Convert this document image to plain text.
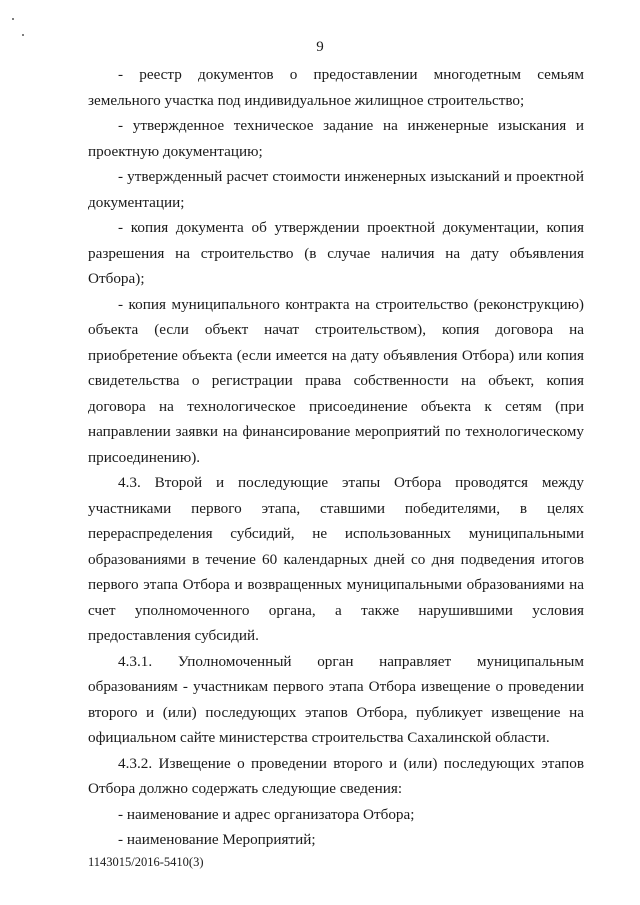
9

- реестр документов о предоставлении многодетным семьям земельного участка под индивидуальное жилищное строительство;

- утвержденное техническое задание на инженерные изыскания и проектную документацию;

- утвержденный расчет стоимости инженерных изысканий и проектной документации;

- копия документа об утверждении проектной документации, копия разрешения на строительство (в случае наличия на дату объявления Отбора);

- копия муниципального контракта на строительство (реконструкцию) объекта (если объект начат строительством), копия договора на приобретение объекта (если имеется на дату объявления Отбора) или копия свидетельства о регистрации права собственности на объект, копия договора на технологическое присоединение объекта к сетям (при направлении заявки на финансирование мероприятий по технологическому присоединению).

4.3. Второй и последующие этапы Отбора проводятся между участниками первого этапа, ставшими победителями, в целях перераспределения субсидий, не использованных муниципальными образованиями в течение 60 календарных дней со дня подведения итогов первого этапа Отбора и возвращенных муниципальными образованиями на счет уполномоченного органа, а также нарушившими условия предоставления субсидий.

4.3.1. Уполномоченный орган направляет муниципальным образованиям - участникам первого этапа Отбора извещение о проведении второго и (или) последующих этапов Отбора, публикует извещение на официальном сайте министерства строительства Сахалинской области.

4.3.2. Извещение о проведении второго и (или) последующих этапов Отбора должно содержать следующие сведения:

- наименование и адрес организатора Отбора;

- наименование Мероприятий;

1143015/2016-5410(3)
